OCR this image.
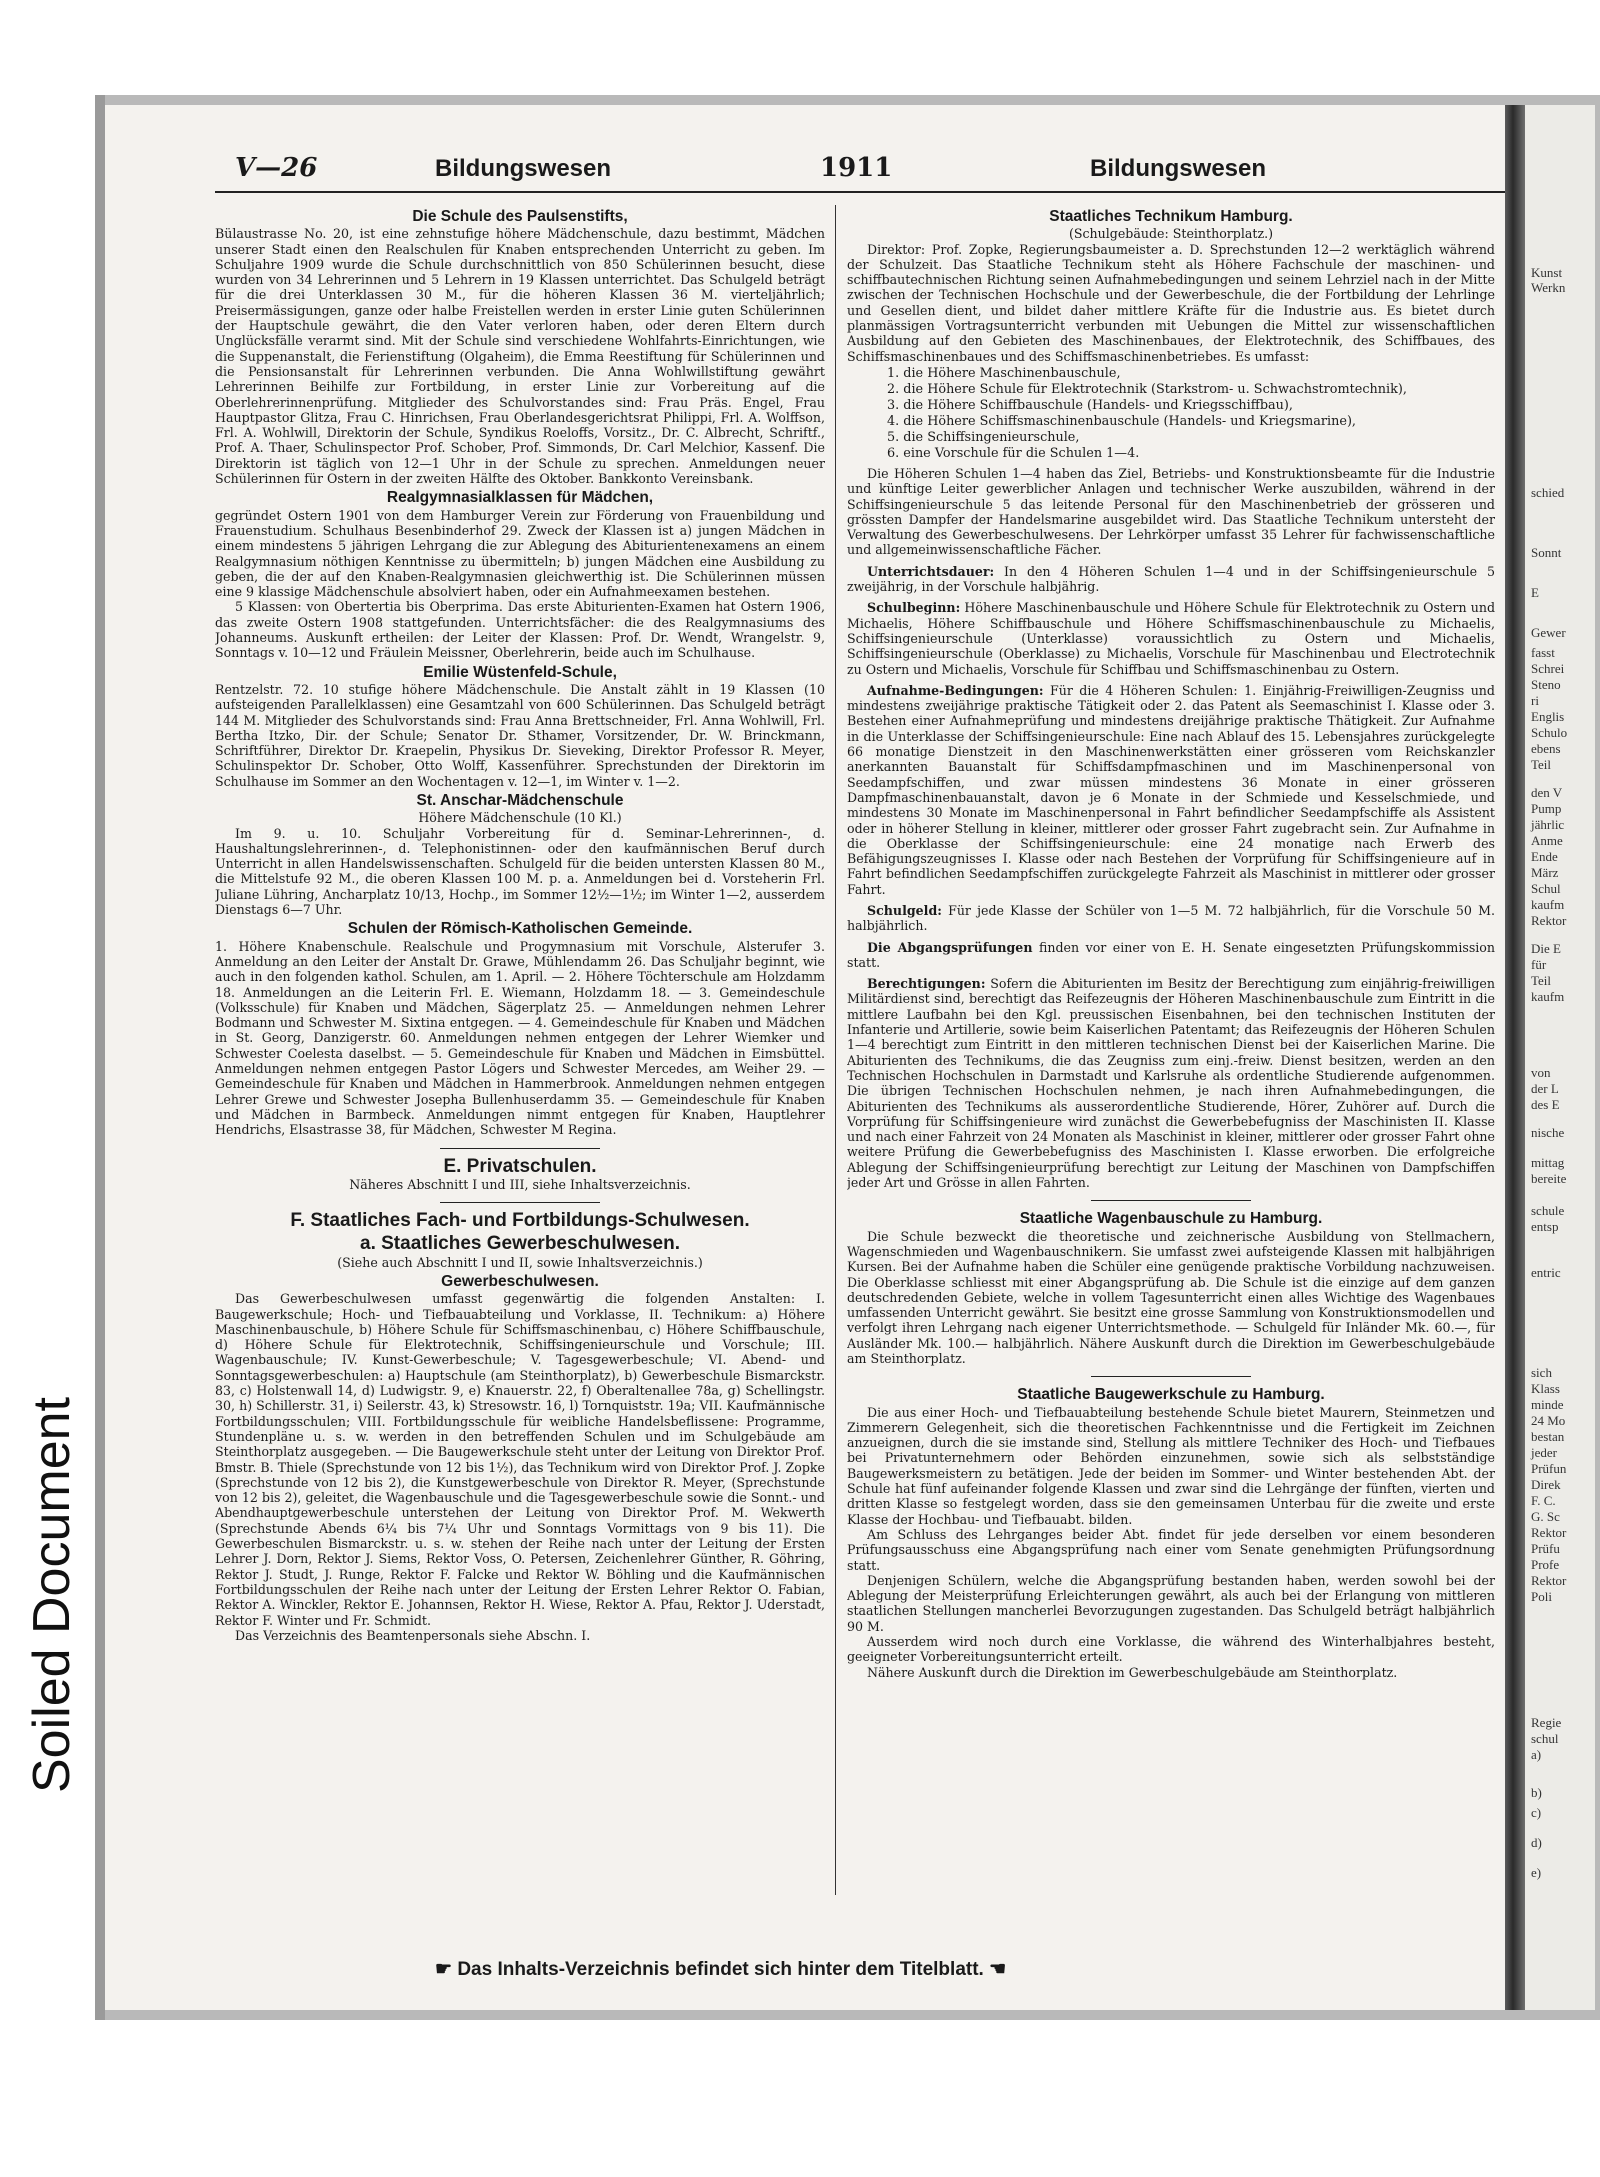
V—26	Bildungswesen	1911	Bildungswesen
Die Schule des Paulsenstifts,

Bülaustrasse No. 20, ist eine zehnstufige höhere Mädchenschule, dazu bestimmt, Mädchen unserer Stadt einen den Realschulen für Knaben entsprechenden Unterricht zu geben. Im Schuljahre 1909 wurde die Schule durchschnittlich von 850 Schülerinnen besucht, diese wurden von 34 Lehrerinnen und 5 Lehrern in 19 Klassen unterrichtet. Das Schulgeld beträgt für die drei Unterklassen 30 M., für die höheren Klassen 36 M. vierteljährlich; Preisermässigungen, ganze oder halbe Freistellen werden in erster Linie guten Schülerinnen der Hauptschule gewährt, die den Vater verloren haben, oder deren Eltern durch Unglücksfälle verarmt sind. Mit der Schule sind verschiedene Wohlfahrts-Einrichtungen, wie die Suppenanstalt, die Ferienstiftung (Olgaheim), die Emma Reestiftung für Schülerinnen und die Pensionsanstalt für Lehrerinnen verbunden. Die Anna Wohlwillstiftung gewährt Lehrerinnen Beihilfe zur Fortbildung, in erster Linie zur Vorbereitung auf die Oberlehrerinnenprüfung. Mitglieder des Schulvorstandes sind: Frau Präs. Engel, Frau Hauptpastor Glitza, Frau C. Hinrichsen, Frau Oberlandesgerichtsrat Philippi, Frl. A. Wolffson, Frl. A. Wohlwill, Direktorin der Schule, Syndikus Roeloffs, Vorsitz., Dr. C. Albrecht, Schriftf., Prof. A. Thaer, Schulinspector Prof. Schober, Prof. Simmonds, Dr. Carl Melchior, Kassenf. Die Direktorin ist täglich von 12—1 Uhr in der Schule zu sprechen. Anmeldungen neuer Schülerinnen für Ostern in der zweiten Hälfte des Oktober. Bankkonto Vereinsbank.

Realgymnasialklassen für Mädchen,

gegründet Ostern 1901 von dem Hamburger Verein zur Förderung von Frauenbildung und Frauenstudium. Schulhaus Besenbinderhof 29. Zweck der Klassen ist a) jungen Mädchen in einem mindestens 5 jährigen Lehrgang die zur Ablegung des Abiturientenexamens an einem Realgymnasium nöthigen Kenntnisse zu übermitteln; b) jungen Mädchen eine Ausbildung zu geben, die der auf den Knaben-Realgymnasien gleichwerthig ist. Die Schülerinnen müssen eine 9 klassige Mädchenschule absolviert haben, oder ein Aufnahmeexamen bestehen.

5 Klassen: von Obertertia bis Oberprima. Das erste Abiturienten-Examen hat Ostern 1906, das zweite Ostern 1908 stattgefunden. Unterrichtsfächer: die des Realgymnasiums des Johanneums. Auskunft ertheilen: der Leiter der Klassen: Prof. Dr. Wendt, Wrangelstr. 9, Sonntags v. 10—12 und Fräulein Meissner, Oberlehrerin, beide auch im Schulhause.

Emilie Wüstenfeld-Schule,

Rentzelstr. 72. 10 stufige höhere Mädchenschule. Die Anstalt zählt in 19 Klassen (10 aufsteigenden Parallelklassen) eine Gesamtzahl von 600 Schülerinnen. Das Schulgeld beträgt 144 M. Mitglieder des Schulvorstands sind: Frau Anna Brettschneider, Frl. Anna Wohlwill, Frl. Bertha Itzko, Dir. der Schule; Senator Dr. Sthamer, Vorsitzender, Dr. W. Brinckmann, Schriftführer, Direktor Dr. Kraepelin, Physikus Dr. Sieveking, Direktor Professor R. Meyer, Schulinspektor Dr. Schober, Otto Wolff, Kassenführer. Sprechstunden der Direktorin im Schulhause im Sommer an den Wochentagen v. 12—1, im Winter v. 1—2.

St. Anschar-Mädchenschule

Höhere Mädchenschule (10 Kl.)

Im 9. u. 10. Schuljahr Vorbereitung für d. Seminar-Lehrerinnen-, d. Haushaltungslehrerinnen-, d. Telephonistinnen- oder den kaufmännischen Beruf durch Unterricht in allen Handelswissenschaften. Schulgeld für die beiden untersten Klassen 80 M., die Mittelstufe 92 M., die oberen Klassen 100 M. p. a. Anmeldungen bei d. Vorsteherin Frl. Juliane Lühring, Ancharplatz 10/13, Hochp., im Sommer 12½—1½; im Winter 1—2, ausserdem Dienstags 6—7 Uhr.

Schulen der Römisch-Katholischen Gemeinde.

1. Höhere Knabenschule. Realschule und Progymnasium mit Vorschule, Alsterufer 3. Anmeldung an den Leiter der Anstalt Dr. Grawe, Mühlendamm 26. Das Schuljahr beginnt, wie auch in den folgenden kathol. Schulen, am 1. April. — 2. Höhere Töchterschule am Holzdamm 18. Anmeldungen an die Leiterin Frl. E. Wiemann, Holzdamm 18. — 3. Gemeindeschule (Volksschule) für Knaben und Mädchen, Sägerplatz 25. — Anmeldungen nehmen Lehrer Bodmann und Schwester M. Sixtina entgegen. — 4. Gemeindeschule für Knaben und Mädchen in St. Georg, Danzigerstr. 60. Anmeldungen nehmen entgegen der Lehrer Wiemker und Schwester Coelesta daselbst. — 5. Gemeindeschule für Knaben und Mädchen in Eimsbüttel. Anmeldungen nehmen entgegen Pastor Lögers und Schwester Mercedes, am Weiher 29. — Gemeindeschule für Knaben und Mädchen in Hammerbrook. Anmeldungen nehmen entgegen Lehrer Grewe und Schwester Josepha Bullenhuserdamm 35. — Gemeindeschule für Knaben und Mädchen in Barmbeck. Anmeldungen nimmt entgegen für Knaben, Hauptlehrer Hendrichs, Elsastrasse 38, für Mädchen, Schwester M Regina.

E. Privatschulen.

Näheres Abschnitt I und III, siehe Inhaltsverzeichnis.

F. Staatliches Fach- und Fortbildungs-Schulwesen.
a. Staatliches Gewerbeschulwesen.

(Siehe auch Abschnitt I und II, sowie Inhaltsverzeichnis.)

Gewerbeschulwesen.

Das Gewerbeschulwesen umfasst gegenwärtig die folgenden Anstalten: I. Baugewerkschule; Hoch- und Tiefbauabteilung und Vorklasse, II. Technikum: a) Höhere Maschinenbauschule, b) Höhere Schule für Schiffsmaschinenbau, c) Höhere Schiffbauschule, d) Höhere Schule für Elektrotechnik, Schiffsingenieurschule und Vorschule; III. Wagenbauschule; IV. Kunst-Gewerbeschule; V. Tagesgewerbeschule; VI. Abend- und Sonntagsgewerbeschulen: a) Hauptschule (am Steinthorplatz), b) Gewerbeschule Bismarckstr. 83, c) Holstenwall 14, d) Ludwigstr. 9, e) Knauerstr. 22, f) Oberaltenallee 78a, g) Schellingstr. 30, h) Schillerstr. 31, i) Seilerstr. 43, k) Stresowstr. 16, l) Tornquiststr. 19a; VII. Kaufmännische Fortbildungsschulen; VIII. Fortbildungsschule für weibliche Handelsbeflissene: Programme, Stundenpläne u. s. w. werden in den betreffenden Schulen und im Schulgebäude am Steinthorplatz ausgegeben. — Die Baugewerkschule steht unter der Leitung von Direktor Prof. Bmstr. B. Thiele (Sprechstunde von 12 bis 1½), das Technikum wird von Direktor Prof. J. Zopke (Sprechstunde von 12 bis 2), die Kunstgewerbeschule von Direktor R. Meyer, (Sprechstunde von 12 bis 2), geleitet, die Wagenbauschule und die Tagesgewerbeschule sowie die Sonnt.- und Abendhauptgewerbeschule unterstehen der Leitung von Direktor Prof. M. Wekwerth (Sprechstunde Abends 6¼ bis 7¼ Uhr und Sonntags Vormittags von 9 bis 11). Die Gewerbeschulen Bismarckstr. u. s. w. stehen der Reihe nach unter der Leitung der Ersten Lehrer J. Dorn, Rektor J. Siems, Rektor Voss, O. Petersen, Zeichenlehrer Günther, R. Göhring, Rektor J. Studt, J. Runge, Rektor F. Falcke und Rektor W. Böhling und die Kaufmännischen Fortbildungsschulen der Reihe nach unter der Leitung der Ersten Lehrer Rektor O. Fabian, Rektor A. Winckler, Rektor E. Johannsen, Rektor H. Wiese, Rektor A. Pfau, Rektor J. Uderstadt, Rektor F. Winter und Fr. Schmidt.

Das Verzeichnis des Beamtenpersonals siehe Abschn. I.

Staatliches Technikum Hamburg.

(Schulgebäude: Steinthorplatz.)

Direktor: Prof. Zopke, Regierungsbaumeister a. D. Sprechstunden 12—2 werktäglich während der Schulzeit. Das Staatliche Technikum steht als Höhere Fachschule der maschinen- und schiffbautechnischen Richtung seinen Aufnahmebedingungen und seinem Lehrziel nach in der Mitte zwischen der Technischen Hochschule und der Gewerbeschule, die der Fortbildung der Lehrlinge und Gesellen dient, und bildet daher mittlere Kräfte für die Industrie aus. Es bietet durch planmässigen Vortragsunterricht verbunden mit Uebungen die Mittel zur wissenschaftlichen Ausbildung auf den Gebieten des Maschinenbaues, der Elektrotechnik, des Schiffbaues, des Schiffsmaschinenbaues und des Schiffsmaschinenbetriebes. Es umfasst:

1. die Höhere Maschinenbauschule,
2. die Höhere Schule für Elektrotechnik (Starkstrom- u. Schwachstromtechnik),
3. die Höhere Schiffbauschule (Handels- und Kriegsschiffbau),
4. die Höhere Schiffsmaschinenbauschule (Handels- und Kriegsmarine),
5. die Schiffsingenieurschule,
6. eine Vorschule für die Schulen 1—4.

Die Höheren Schulen 1—4 haben das Ziel, Betriebs- und Konstruktionsbeamte für die Industrie und künftige Leiter gewerblicher Anlagen und technischer Werke auszubilden, während in der Schiffsingenieurschule 5 das leitende Personal für den Maschinenbetrieb der grösseren und grössten Dampfer der Handelsmarine ausgebildet wird. Das Staatliche Technikum untersteht der Verwaltung des Gewerbeschulwesens. Der Lehrkörper umfasst 35 Lehrer für fachwissenschaftliche und allgemeinwissenschaftliche Fächer.

Unterrichtsdauer: In den 4 Höheren Schulen 1—4 und in der Schiffsingenieurschule 5 zweijährig, in der Vorschule halbjährig.

Schulbeginn: Höhere Maschinenbauschule und Höhere Schule für Elektrotechnik zu Ostern und Michaelis, Höhere Schiffbauschule und Höhere Schiffsmaschinenbauschule zu Michaelis, Schiffsingenieurschule (Unterklasse) voraussichtlich zu Ostern und Michaelis, Schiffsingenieurschule (Oberklasse) zu Michaelis, Vorschule für Maschinenbau und Electrotechnik zu Ostern und Michaelis, Vorschule für Schiffbau und Schiffsmaschinenbau zu Ostern.

Aufnahme-Bedingungen: Für die 4 Höheren Schulen: 1. Einjährig-Freiwilligen-Zeugniss und mindestens zweijährige praktische Tätigkeit oder 2. das Patent als Seemaschinist I. Klasse oder 3. Bestehen einer Aufnahmeprüfung und mindestens dreijährige praktische Thätigkeit. Zur Aufnahme in die Unterklasse der Schiffsingenieurschule: Eine nach Ablauf des 15. Lebensjahres zurückgelegte 66 monatige Dienstzeit in den Maschinenwerkstätten einer grösseren vom Reichskanzler anerkannten Bauanstalt für Schiffsdampfmaschinen und im Maschinenpersonal von Seedampfschiffen, und zwar müssen mindestens 36 Monate in einer grösseren Dampfmaschinenbauanstalt, davon je 6 Monate in der Schmiede und Kesselschmiede, und mindestens 30 Monate im Maschinenpersonal in Fahrt befindlicher Seedampfschiffe als Assistent oder in höherer Stellung in kleiner, mittlerer oder grosser Fahrt zugebracht sein. Zur Aufnahme in die Oberklasse der Schiffsingenieurschule: eine 24 monatige nach Erwerb des Befähigungszeugnisses I. Klasse oder nach Bestehen der Vorprüfung für Schiffsingenieure auf in Fahrt befindlichen Seedampfschiffen zurückgelegte Fahrzeit als Maschinist in mittlerer oder grosser Fahrt.

Schulgeld: Für jede Klasse der Schüler von 1—5 M. 72 halbjährlich, für die Vorschule 50 M. halbjährlich.

Die Abgangsprüfungen finden vor einer von E. H. Senate eingesetzten Prüfungskommission statt.

Berechtigungen: Sofern die Abiturienten im Besitz der Berechtigung zum einjährig-freiwilligen Militärdienst sind, berechtigt das Reifezeugnis der Höheren Maschinenbauschule zum Eintritt in die mittlere Laufbahn bei den Kgl. preussischen Eisenbahnen, bei den technischen Instituten der Infanterie und Artillerie, sowie beim Kaiserlichen Patentamt; das Reifezeugnis der Höheren Schulen 1—4 berechtigt zum Eintritt in den mittleren technischen Dienst bei der Kaiserlichen Marine. Die Abiturienten des Technikums, die das Zeugniss zum einj.-freiw. Dienst besitzen, werden an den Technischen Hochschulen in Darmstadt und Karlsruhe als ordentliche Studierende aufgenommen. Die übrigen Technischen Hochschulen nehmen, je nach ihren Aufnahmebedingungen, die Abiturienten des Technikums als ausserordentliche Studierende, Hörer, Zuhörer auf. Durch die Vorprüfung für Schiffsingenieure wird zunächst die Gewerbebefugniss der Maschinisten II. Klasse und nach einer Fahrzeit von 24 Monaten als Maschinist in kleiner, mittlerer oder grosser Fahrt ohne weitere Prüfung die Gewerbebefugniss des Maschinisten I. Klasse erworben. Die erfolgreiche Ablegung der Schiffsingenieurprüfung berechtigt zur Leitung der Maschinen von Dampfschiffen jeder Art und Grösse in allen Fahrten.

Staatliche Wagenbauschule zu Hamburg.

Die Schule bezweckt die theoretische und zeichnerische Ausbildung von Stellmachern, Wagenschmieden und Wagenbauschnikern. Sie umfasst zwei aufsteigende Klassen mit halbjährigen Kursen. Bei der Aufnahme haben die Schüler eine genügende praktische Vorbildung nachzuweisen. Die Oberklasse schliesst mit einer Abgangsprüfung ab. Die Schule ist die einzige auf dem ganzen deutschredenden Gebiete, welche in vollem Tagesunterricht einen alles Wichtige des Wagenbaues umfassenden Unterricht gewährt. Sie besitzt eine grosse Sammlung von Konstruktionsmodellen und verfolgt ihren Lehrgang nach eigener Unterrichtsmethode. — Schulgeld für Inländer Mk. 60.—, für Ausländer Mk. 100.— halbjährlich. Nähere Auskunft durch die Direktion im Gewerbeschulgebäude am Steinthorplatz.

Staatliche Baugewerkschule zu Hamburg.

Die aus einer Hoch- und Tiefbauabteilung bestehende Schule bietet Maurern, Steinmetzen und Zimmerern Gelegenheit, sich die theoretischen Fachkenntnisse und die Fertigkeit im Zeichnen anzueignen, durch die sie imstande sind, Stellung als mittlere Techniker des Hoch- und Tiefbaues bei Privatunternehmern oder Behörden einzunehmen, sowie sich als selbstständige Baugewerksmeistern zu betätigen. Jede der beiden im Sommer- und Winter bestehenden Abt. der Schule hat fünf aufeinander folgende Klassen und zwar sind die Lehrgänge der fünften, vierten und dritten Klasse so festgelegt worden, dass sie den gemeinsamen Unterbau für die zweite und erste Klasse der Hochbau- und Tiefbauabt. bilden.

Am Schluss des Lehrganges beider Abt. findet für jede derselben vor einem besonderen Prüfungsausschuss eine Abgangsprüfung nach einer vom Senate genehmigten Prüfungsordnung statt.

Denjenigen Schülern, welche die Abgangsprüfung bestanden haben, werden sowohl bei der Ablegung der Meisterprüfung Erleichterungen gewährt, als auch bei der Erlangung von mittleren staatlichen Stellungen mancherlei Bevorzugungen zugestanden. Das Schulgeld beträgt halbjährlich 90 M.

Ausserdem wird noch durch eine Vorklasse, die während des Winterhalbjahres besteht, geeigneter Vorbereitungsunterricht erteilt.

Nähere Auskunft durch die Direktion im Gewerbeschulgebäude am Steinthorplatz.

☛ Das Inhalts-Verzeichnis befindet sich hinter dem Titelblatt. ☚
Kunst
Werkn
schied
Sonnt
E
Gewer
fasst
Schrei
Steno
ri
Englis
Schulo
ebens
Teil
den V
Pump
jährlic
Anme
Ende
März
Schul
kaufm
Rektor
Die E
für
Teil
kaufm
von
der L
des E
nische
mittag
bereite
schule
entsp
entric
sich
Klass
minde
24 Mo
bestan
jeder
Prüfun
Direk
F. C.
G. Sc
Rektor
Prüfu
Profe
Rektor
Poli
Regie
schul
a)
b)
c)
d)
e)
Soiled Document
